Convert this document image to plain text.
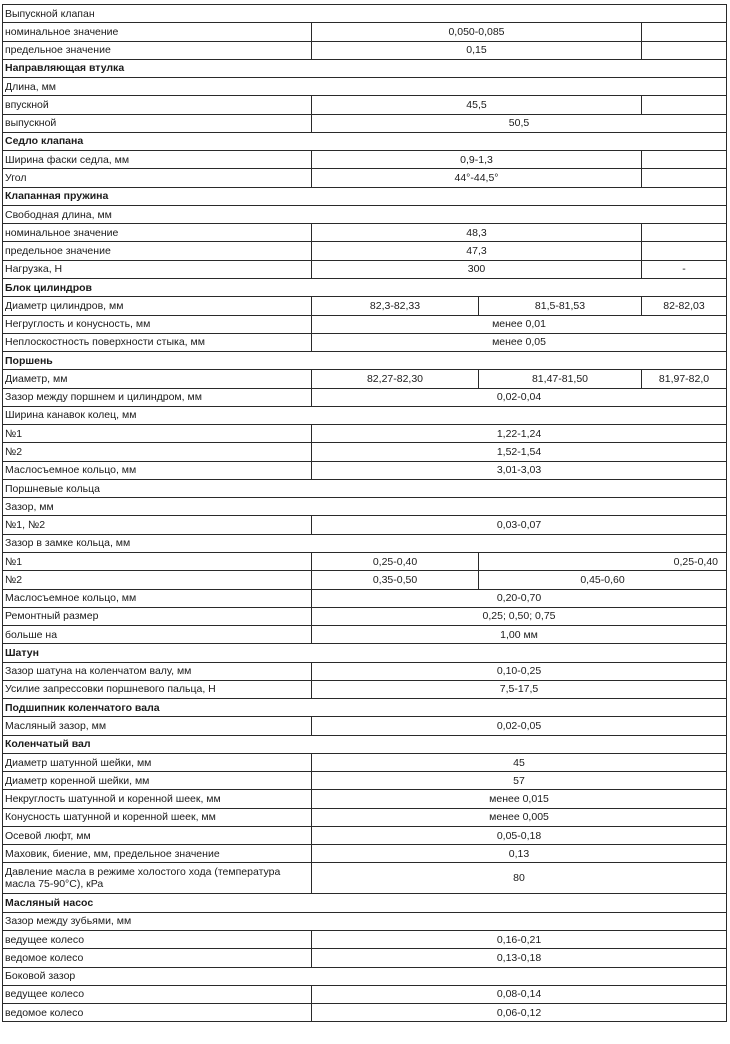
Выпускной клапан			
номинальное значение	0,050-0,085		
предельное значение	0,15		
Направляющая втулка			
Длина, мм			
впускной	45,5		
выпускной	50,5		
Седло клапана			
Ширина фаски седла, мм	0,9-1,3		
Угол	44°-44,5°		
Клапанная пружина			
Свободная длина, мм			
номинальное значение	48,3		
предельное значение	47,3		
Нагрузка, Н	300		-
Блок цилиндров			
Диаметр цилиндров, мм	82,3-82,33	81,5-81,53	82-82,03
Негруглость и конусность, мм	менее 0,01		
Неплоскостность поверхности стыка, мм	менее 0,05		
Поршень			
Диаметр, мм	82,27-82,30	81,47-81,50	81,97-82,0
Зазор между поршнем и цилиндром, мм	0,02-0,04		
Ширина канавок колец, мм			
№1	1,22-1,24		
№2	1,52-1,54		
Маслосъемное кольцо, мм	3,01-3,03		
Поршневые кольца			
Зазор, мм			
№1, №2	0,03-0,07		
Зазор в замке кольца, мм			
№1	0,25-0,40	0,25-0,40	
№2	0,35-0,50	0,45-0,60	
Маслосъемное кольцо, мм	0,20-0,70		
Ремонтный размер	0,25; 0,50; 0,75		
больше на	1,00 мм		
Шатун			
Зазор шатуна на коленчатом валу, мм	0,10-0,25		
Усилие запрессовки поршневого пальца, Н	7,5-17,5		
Подшипник коленчатого вала			
Масляный зазор, мм	0,02-0,05		
Коленчатый вал			
Диаметр шатунной шейки, мм	45		
Диаметр коренной шейки, мм	57		
Некруглость шатунной и коренной шеек, мм	менее 0,015		
Конусность шатунной и коренной шеек, мм	менее 0,005		
Осевой люфт, мм	0,05-0,18		
Маховик, биение, мм, предельное значение	0,13		
Давление масла в режиме холостого хода (температура масла 75-90°С), кРа	80		
Масляный насос			
Зазор между зубьями, мм			
ведущее колесо	0,16-0,21		
ведомое колесо	0,13-0,18		
Боковой зазор			
ведущее колесо	0,08-0,14		
ведомое колесо	0,06-0,12		
